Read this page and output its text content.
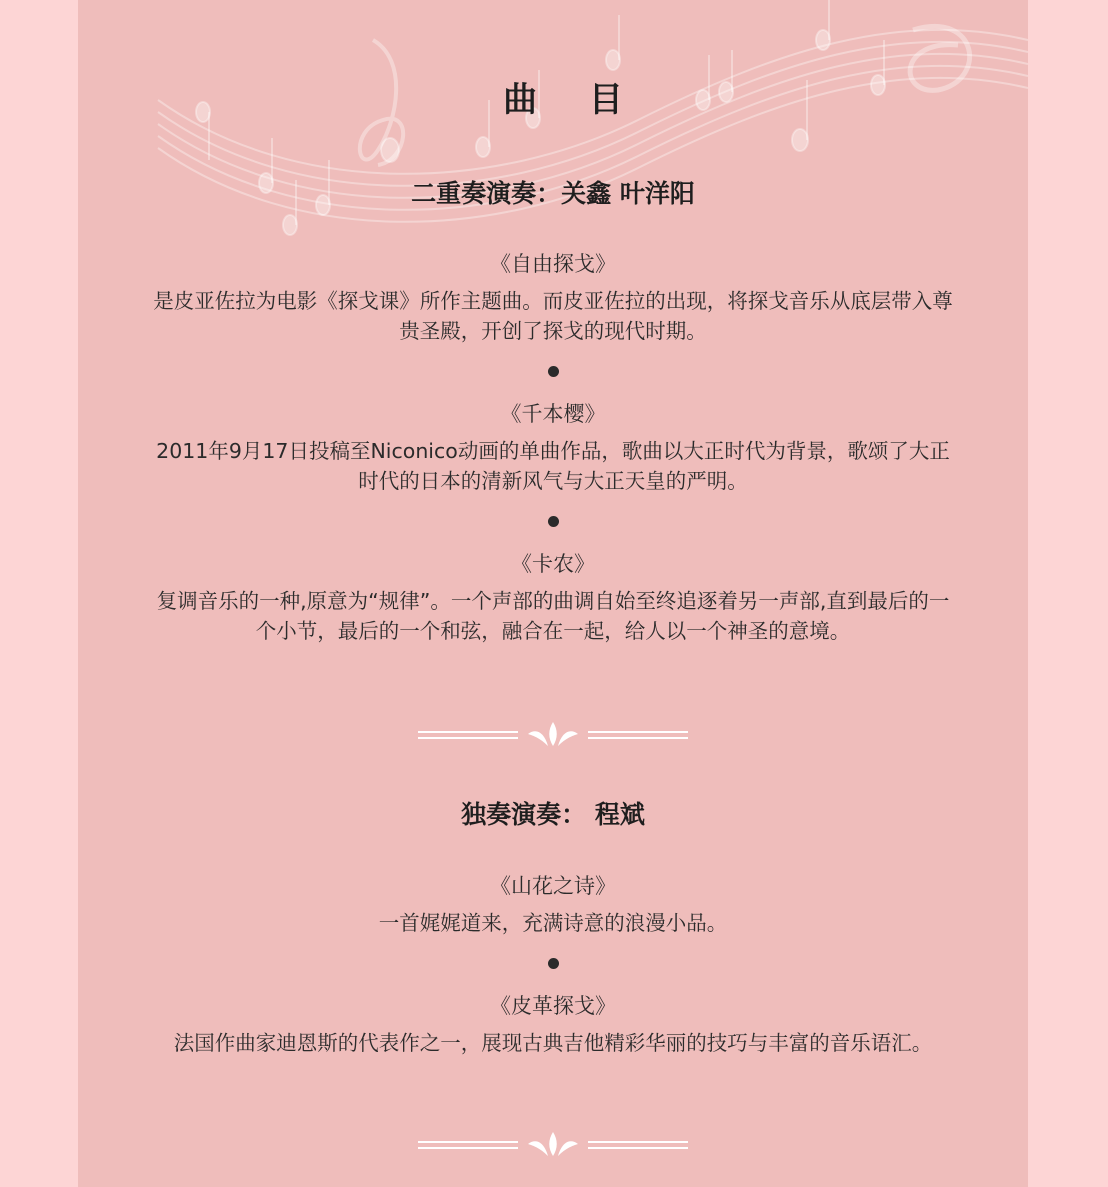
曲 目
二重奏演奏：关鑫 叶洋阳
《自由探戈》
是皮亚佐拉为电影《探戈课》所作主题曲。而皮亚佐拉的出现，将探戈音乐从底层带入尊贵圣殿，开创了探戈的现代时期。
《千本樱》
2011年9月17日投稿至Niconico动画的单曲作品，歌曲以大正时代为背景，歌颂了大正时代的日本的清新风气与大正天皇的严明。
《卡农》
复调音乐的一种,原意为“规律”。一个声部的曲调自始至终追逐着另一声部,直到最后的一个小节，最后的一个和弦，融合在一起，给人以一个神圣的意境。
独奏演奏： 程斌
《山花之诗》
一首娓娓道来，充满诗意的浪漫小品。
《皮革探戈》
法国作曲家迪恩斯的代表作之一，展现古典吉他精彩华丽的技巧与丰富的音乐语汇。
